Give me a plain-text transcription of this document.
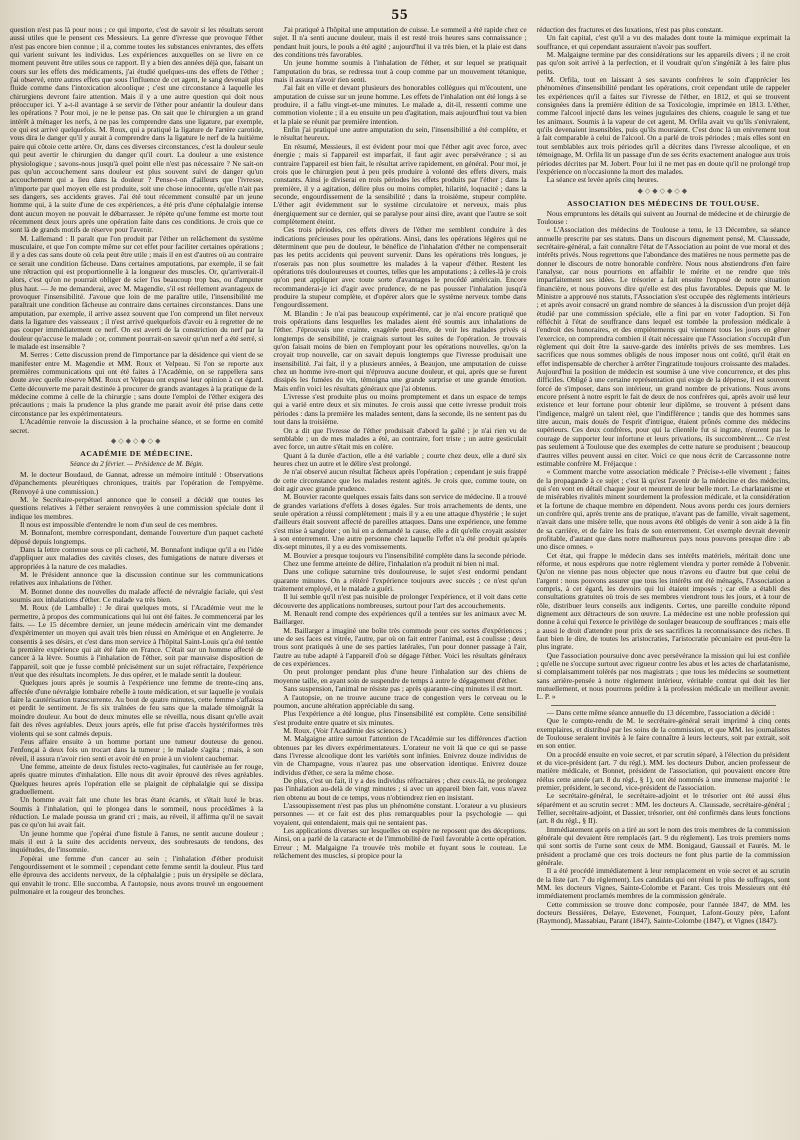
55

question n'est pas là pour nous ; ce qui importe, c'est de savoir si les résultats seront aussi utiles que le pensent ces Messieurs. La genre d'ivresse que provoque l'éther n'est pas encore bien connue ; il a, comme toutes les substances enivrantes, des effets qui varient suivant les individus. Les expériences auxquelles on se livre en ce moment peuvent être utiles sous ce rapport. Il y a bien des années déjà que, faisant un cours sur les effets des médicaments, j'ai étudié quelques-uns des effets de l'éther ; j'ai observé, entre autres effets que sous l'influence de cet agent, le sang devenait plus fluide comme dans l'intoxication alcoolique ; c'est une circonstance à laquelle les chirurgiens devront faire attention. Mais il y a une autre question qui doit nous préoccuper ici. Y a-t-il avantage à se servir de l'éther pour anéantir la douleur dans les opérations ? Pour moi, je ne le pense pas. On sait que le chirurgien a un grand intérêt à ménager les nerfs, à ne pas les comprendre dans une ligature, par exemple, ce qui est arrivé quelquefois. M. Roux, qui a pratiqué la ligature de l'artère carotide, vous dira le danger qu'il y aurait à comprendre dans la ligature le nerf de la huitième paire qui côtoie cette artère. Or, dans ces diverses circonstances, c'est la douleur seule qui peut avertir le chirurgien du danger qu'il court. La douleur a une existence physiologique ; savons-nous jusqu'à quel point elle n'est pas nécessaire ? Ne sait-on pas qu'un accouchement sans douleur est plus souvent suivi de danger qu'un accouchement qui a lieu dans la douleur ? Pense-t-on d'ailleurs que l'ivresse, n'importe par quel moyen elle est produite, soit une chose innocente, qu'elle n'ait pas ses dangers, ses accidents graves. J'ai été tout récemment consulté par un jeune homme qui, à la suite d'une de ces expériences, a été pris d'une céphalalgie intense dont aucun moyen ne pouvait le débarrasser. Je répète qu'une femme est morte tout récemment deux jours après une opération faite dans ces conditions. Je crois que ce sont là de grands motifs de réserve pour l'avenir.

M. Lallemand : Il paraît que l'on produit par l'éther un relâchement du système musculaire, et que l'on compte même sur cet effet pour faciliter certaines opérations ; il y a des cas sans doute où cela peut être utile ; mais il en est d'autres où au contraire ce serait une condition fâcheuse. Dans certaines amputations, par exemple, il se fait une rétraction qui est proportionnelle à la longueur des muscles. Or, qu'arriverait-il alors, c'est qu'on ne pourrait obliger de scier l'os beaucoup trop bas, ou d'amputer plus haut. — Je me demanderai, avec M. Magendie, s'il est réellement avantageux de provoquer l'insensibilité. J'avoue que loin de me paraître utile, l'insensibilité me paraîtrait une condition fâcheuse au contraire dans certaines circonstances. Dans une amputation, par exemple, il arrive assez souvent que l'on comprend un filet nerveux dans la ligature des vaisseaux ; il n'est arrivé quelquefois d'avoir eu à regretter de ne pas couper immédiatement ce nerf. On est averti de la constriction du nerf par la douleur qu'accuse le malade ; or, comment pourrait-on savoir qu'un nerf a été serré, si le malade est insensible ?

M. Serres : Cette discussion prend de l'importance par la désidence qui vient de se manifester entre M. Magendie et MM. Roux et Velpeau. Si l'on se reporte aux premières communications qui ont été faites à l'Académie, on se rappellera sans doute avec quelle réserve MM. Roux et Velpeau ont exposé leur opinion à cet égard. Cette découverte me parait destinée à procurer de grands avantages à la pratique de la médecine comme à celle de la chirurgie ; sans doute l'emploi de l'éther exigera des précautions ; mais la prudence la plus grande me parait avoir été prise dans cette circonstance par les expérimentateurs.

L'Académie renvoie la discussion à la prochaine séance, et se forme en comité secret.

◆◇◆◇◆◇◆
ACADÉMIE DE MÉDECINE.
Séance du 2 février. — Présidence de M. Bégin.

M. le docteur Boudaud, de Gannat, adresse un mémoire intitulé : Observations d'épanchements pleurétiques chroniques, traités par l'opération de l'empyème. (Renvoyé à une commission.)

M. le Secrétaire-perpétuel annonce que le conseil a décidé que toutes les questions relatives à l'éther seraient renvoyées à une commission spéciale dont il indique les membres.

Il nous est impossible d'entendre le nom d'un seul de ces membres.

M. Bonnafont, membre correspondant, demande l'ouverture d'un paquet cacheté déposé depuis longtemps.

Dans la lettre contenue sous ce pli cacheté, M. Bonnafont indique qu'il a eu l'idée d'appliquer aux maladies des cavités closes, des fumigations de nature diverses et appropriées à la nature de ces maladies.

M. le Président annonce que la discussion continue sur les communications relatives aux inhalations de l'éther.

M. Bonnet donne des nouvelles du malade affecté de névralgie faciale, qui s'est soumis aux inhalations d'éther. Ce malade va très bien.

M. Roux (de Lamballe) : Je dirai quelques mots, si l'Académie veut me le permettre, à propos des communications qui lui ont été faites. Je commencerai par les faits. — Le 15 décembre dernier, un jeune médecin américain vint me demander d'expérimenter un moyen qui avait très bien réussi en Amérique et en Angleterre. Je consentis à ses désirs, et c'est dans mon service à l'hôpital Saint-Louis qu'a été tentée la première expérience qui ait été faite en France. C'était sur un homme affecté de cancer à la lèvre. Soumis à l'inhalation de l'éther, soit par mauvaise disposition de l'appareil, soit que je fusse comblé précisément sur un sujet réfractaire, l'expérience n'eut que des résultats incomplets. Je dus opérer, et le malade sentit la douleur.

Quelques jours après je soumis à l'expérience une femme de trente-cinq ans, affectée d'une névralgie lombaire rebelle à toute médication, et sur laquelle je voulais faire la cautérisation transcurrente. Au bout de quatre minutes, cette femme s'affaissa et perdit le sentiment. Je fis six traînées de feu sans que la malade témoignât la moindre douleur. Au bout de deux minutes elle se réveilla, nous disant qu'elle avait fait des rêves agréables. Deux jours après, elle fut prise d'accès hystériformes très violents qui se sont calmés depuis.

J'eus affaire ensuite à un homme portant une tumeur douteuse du genou. J'enfonçai à deux fois un trocart dans la tumeur ; le malade s'agita ; mais, à son réveil, il assura n'avoir rien senti et avoir été en proie à un violent cauchemar.

Une femme, atteinte de deux fistules recto-vaginales, fut cautérisée au fer rouge, après quatre minutes d'inhalation. Elle nous dit avoir éprouvé des rêves agréables. Quelques heures après l'opération elle se plaignit de céphalalgie qui se dissipa graduellement.

Un homme avait fait une chute les bras étant écartés, et s'était luxé le bras. Soumis à l'inhalation, qui le plongea dans le sommeil, nous procédâmes à la réduction. Le malade poussa un grand cri ; mais, au réveil, il affirma qu'il ne savait pas ce qu'on lui avait fait.

Un jeune homme que j'opérai d'une fistule à l'anus, ne sentit aucune douleur ; mais il eut à la suite des accidents nerveux, des soubresauts de tendons, des inquiétudes, de l'insomnie.

J'opérai une femme d'un cancer au sein ; l'inhalation d'éther produisit l'engourdissement et le sommeil ; cependant cette femme sentit la douleur. Plus tard elle éprouva des accidents nerveux, de la céphalalgie ; puis un érysipèle se déclara, qui envahit le tronc. Elle succomba. A l'autopsie, nous avons trouvé un engouement pulmonaire et la rougeur des bronches.

J'ai pratiqué à l'hôpital une amputation de cuisse. Le sommeil a été rapide chez ce sujet. Il n'a senti aucune douleur, mais il est resté trois heures sans connaissance ; pendant huit jours, le pouls a été agité ; aujourd'hui il va très bien, et la plaie est dans des conditions très favorables.

Un jeune homme soumis à l'inhalation de l'éther, et sur lequel se pratiquait l'amputation du bras, se redressa tout à coup comme par un mouvement tétanique, mais il assura n'avoir rien senti.

J'ai fait en ville et devant plusieurs des honorables collègues qui m'écoutent, une amputation de cuisse sur un jeune homme. Les effets de l'inhalation ont été longs à se produire, il a fallu vingt-et-une minutes. Le malade a, dit-il, ressenti comme une commotion violente ; il a eu ensuite un peu d'agitation, mais aujourd'hui tout va bien et la plaie se réunit par première intention.

Enfin j'ai pratiqué une autre amputation du sein, l'insensibilité a été complète, et le résultat heureux.

En résumé, Messieurs, il est évident pour moi que l'éther agit avec force, avec énergie ; mais si l'appareil est imparfait, il faut agir avec persévérance ; si au contraire l'appareil est bien fait, le résultat arrive rapidement, en général. Pour moi, je crois que le chirurgien peut à peu près produire à volonté des effets divers, mais constants. Ainsi je diviserai en trois périodes les effets produits par l'éther ; dans la première, il y a agitation, délire plus ou moins complet, hilarité, loquacité ; dans la seconde, engourdissement de la sensibilité ; dans la troisième, stupeur complète. L'éther agit évidemment sur le système circulatoire et nerveux, mais plus énergiquement sur ce dernier, qui se paralyse pour ainsi dire, avant que l'autre se soit complètement éteint.

Ces trois périodes, ces effets divers de l'éther me semblent conduire à des indications précieuses pour les opérations. Ainsi, dans les opérations légères qui ne déterminent que peu de douleur, le bénéfice de l'inhalation d'éther ne compenserait pas les petits accidents qui peuvent survenir. Dans les opérations très longues, je n'oserais pas non plus soumettre les malades à la vapeur d'éther. Restent les opérations très douloureuses et courtes, telles que les amputations ; à celles-là je crois qu'on peut appliquer avec toute sorte d'avantages le procédé américain. Encore recommanderai-je ici d'agir avec prudence, de ne pas pousser l'inhalation jusqu'à produire la stupeur complète, et d'opérer alors que le système nerveux tombe dans l'engourdissement.

M. Blandin : Je n'ai pas beaucoup expérimenté, car je n'ai encore pratiqué que trois opérations dans lesquelles les malades aient été soumis aux inhalations de l'éther. J'éprouvais une crainte, exagérée peut-être, de voir les malades privés si longtemps de sensibilité, je craignais surtout les suites de l'opération. Je trouvais qu'on faisait moins de bien en l'employant pour les opérations nouvelles, qu'on la croyait trop nouvelle, car on savait depuis longtemps que l'ivresse produisait une insensibilité. J'ai fait, il y a plusieurs années, à Beaujon, une amputation de cuisse chez un homme ivre-mort qui n'éprouva aucune douleur, et qui, après que se furent dissipés les fumées du vin, témoigna une grande surprise et une grande émotion. Mais enfin voici les résultats généraux que j'ai obtenus.

L'ivresse s'est produite plus ou moins promptement et dans un espace de temps qui a varié entre deux et six minutes. Je crois aussi que cette ivresse produit trois périodes : dans la première les malades sentent, dans la seconde, ils ne sentent pas du tout dans la troisième.

On a dit que l'ivresse de l'éther produisait d'abord la gaîté ; je n'ai rien vu de semblable ; un de mes malades a été, au contraire, fort triste ; un autre gesticulait avec force, un autre s'était mis en colère.

Quant à la durée d'action, elle a été variable ; courte chez deux, elle a duré six heures chez un autre et le délire s'est prolongé.

Je n'ai observé aucun résultat fâcheux après l'opération ; cependant je suis frappé de cette circonstance que les malades restent agités. Je crois que, comme toute, on doit agir avec grande prudence.

M. Bouvier raconte quelques essais faits dans son service de médecine. Il a trouvé de grandes variations d'effets à doses égales. Sur trois arrachements de dents, une seule opération a réussi complètement ; mais il y a eu une attaque d'hystérie ; le sujet d'ailleurs était souvent affecté de pareilles attaques. Dans une expérience, une femme s'est mise à sangloter ; on lui en a demandé la cause, elle a dit qu'elle croyait assister à son enterrement. Une autre personne chez laquelle l'effet n'a été produit qu'après dix-sept minutes, il y a eu des vomissements.

M. Bouvier a presque toujours vu l'insensibilité complète dans la seconde période.

Chez une femme atteinte de délire, l'inhalation n'a produit ni bien ni mal.

Dans une colique saturnine très douloureuse, le sujet s'est endormi pendant quarante minutes. On a réitéré l'expérience toujours avec succès ; ce n'est qu'un traitement employé, et le malade a guéri.

Il lui semble qu'il n'est pas nuisible de prolonger l'expérience, et il voit dans cette découverte des applications nombreuses, surtout pour l'art des accouchements.

M. Renault rend compte des expériences qu'il a tentées sur les animaux avec M. Baillarger.

M. Baillarger a imaginé une boîte très commode pour ces sortes d'expériences ; une de ses faces est vitrée, l'autre, par où on fait entrer l'animal, est à coulisse ; deux trous sont pratiqués à une de ses parties latérales, l'un pour donner passage à l'air, l'autre au tube adapté à l'appareil d'où se dégage l'éther. Voici les résultats généraux de ces expériences.

On peut prolonger pendant plus d'une heure l'inhalation sur des chiens de moyenne taille, en ayant soin de suspendre de temps à autre le dégagement d'éther.

Sans suspension, l'animal ne résiste pas ; après quarante-cinq minutes il est mort.

A l'autopsie, on ne trouve aucune trace de congestion vers le cerveau ou le poumon, aucune altération appréciable du sang.

Plus l'expérience a été longue, plus l'insensibilité est complète. Cette sensibilité s'est produite entre quatre et six minutes.

M. Roux. (Voir l'Académie des sciences.)

M. Malgaigne attire surtout l'attention de l'Académie sur les différences d'action obtenues par les divers expérimentateurs. L'orateur ne voit là que ce qui se passe dans l'ivresse alcoolique dont les variétés sont infinies. Enivrez douze individus de vin de Champagne, vous n'aurez pas une observation identique. Enivrez douze individus d'éther, ce sera la même chose.

De plus, c'est un fait, il y a des individus réfractaires ; chez ceux-là, ne prolongez pas l'inhalation au-delà de vingt minutes ; si avec un appareil bien fait, vous n'avez rien obtenu au bout de ce temps, vous n'obtiendrez rien en insistant.

L'assoupissement n'est pas plus un phénomène constant. L'orateur a vu plusieurs personnes — et ce fait est des plus remarquables pour la psychologie — qui voyaient, qui entendaient, mais qui ne sentaient pas.

Les applications diverses sur lesquelles on espère ne reposent que des déceptions. Ainsi, on a parlé de la cataracte et de l'immobilité de l'œil favorable à cette opération. Erreur ; M. Malgaigne l'a trouvée très mobile et fuyant sous le couteau. Le relâchement des muscles, si propice pour la

réduction des fractures et des luxations, n'est pas plus constant.

Un fait capital, c'est qu'il a vu des malades dont toute la mimique exprimait la souffrance, et qui cependant assuraient n'avoir pas souffert.

M. Malgaigne termine par des considérations sur les appareils divers ; il ne croit pas qu'on soit arrivé à la perfection, et il voudrait qu'on s'ingéniât à les faire plus petits.

M. Orfila, tout en laissant à ses savants confrères le soin d'apprécier les phénomènes d'insensibilité pendant les opérations, croit cependant utile de rappeler les expériences qu'il a faites sur l'ivresse de l'éther, en 1812, et qui se trouvent consignées dans la première édition de sa Toxicologie, imprimée en 1813. L'éther, comme l'alcool injecté dans les veines jugulaires des chiens, coagule le sang et tue les animaux. Soumis à la vapeur de cet agent, M. Orfila avait vu qu'ils s'enivraient, qu'ils devenaient insensibles, puis qu'ils mouraient. C'est donc là un enivrement tout à fait comparable à celui de l'alcool. On a parlé de trois périodes ; mais elles sont en tout semblables aux trois périodes qu'il a décrites dans l'ivresse alcoolique, et en témoignage, M. Orfila lit un passage d'un de ses écrits exactement analogue aux trois périodes décrites par M. Jobert. Pour lui il ne met pas en doute qu'il ne prolongé trop l'expérience on n'occasionne la mort des malades.

La séance est levée après cinq heures.

◆◇◆◇◆◇◆
ASSOCIATION DES MÉDECINS DE TOULOUSE.

Nous empruntons les détails qui suivent au Journal de médecine et de chirurgie de Toulouse :

« L'Association des médecins de Toulouse a tenu, le 13 Décembre, sa séance annuelle prescrite par ses statuts. Dans un discours dignement pensé, M. Claussade, secrétaire-général, a fait connaître l'état de l'Association au point de vue moral et des intérêts privés. Nous regrettons que l'abondance des matières ne nous permette pas de donner le discours de notre honorable confrère. Nous nous abstiendrons d'en faire l'analyse, car nous pourrions en affaiblir le mérite et ne rendre que très imparfaitement ses idées. Le trésorier a fait ensuite l'exposé de notre situation financière, et nous pouvons dire qu'elle est des plus favorables. Depuis que M. le Ministre a approuvé nos statuts, l'Association s'est occupée des règlements intérieurs ; et après avoir consacré un grand nombre de séances à la discussion d'un projet déjà étudié par une commission spéciale, elle a fini par en voter l'adoption. Si l'on réfléchit à l'état de souffrance dans lequel est tombée la profession médicale à l'endroit des honoraires, et des empiètements qui viennent tous les jours en gêner l'exercice, on comprendra combien il était nécessaire que l'Association s'occupât d'un règlement qui doit être la sauve-garde des intérêts privés de ses membres. Les sacrifices que nous sommes obligés de nous imposer nous ont coûté, qu'il était en effet indispensable de chercher à arrêter l'ingratitude toujours croissante des malades. Aujourd'hui la position de médecin est soumise à une vive concurrence, et des plus difficiles. Obligé à une certaine représentation qui exige de la dépense, il est souvent forcé de s'imposer, dans son intérieur, un grand nombre de privations. Nous avons encore présent à notre esprit le fait de deux de nos confrères qui, après avoir usé leur existence et leur fortune pour obtenir leur diplôme, se trouvent à présent dans l'indigence, malgré un talent réel, que l'indifférence ; tandis que des hommes sans titre aucun, mais doués de l'esprit d'intrigue, étaient prônés comme des médecins supérieurs. Ces deux confrères, pour qui la clientèle fut si ingrate, n'eurent pas le courage de supporter leur infortune et leurs privations, ils succombèrent.... Ce n'est pas seulement à Toulouse que des exemples de cette nature se produisent ; beaucoup d'autres villes peuvent aussi en citer. Voici ce que nous écrit de Carcassonne notre estimable confrère M. Fréjacque :

« Comment marche votre association médicale ? Précise-t-elle vivement ; faites de la propagande à ce sujet ; c'est là qu'est l'avenir de la médecine et des médecins, qui s'en vont en détail chaque jour et meurent de leur belle mort. Le charlatanisme et de misérables rivalités minent sourdement la profession médicale, et la considération et la fortune de chaque membre en dépendent. Nous avons perdu ces jours derniers un confrère qui, après trente ans de pratique, n'avant pas de famille, vivait sagement, n'avait dans une misère telle, que nous avons été obligés de venir à son aide à la fin de sa carrière, et de faire les frais de son enterrement. Cet exemple devrait devenir profitable, d'autant que dans notre malheureux pays nous pouvons presque dire : ab uno disce omnes. »

Cet état, qui frappe le médecin dans ses intérêts matériels, méritait donc une réforme, et nous espérons que notre règlement viendra y porter remède à l'obvenir. Qu'on ne vienne pas nous objecter que nous n'avons eu d'autre but que celui de l'argent : nous pouvons assurer que tous les intérêts ont été ménagés, l'Association a compris, à cet égard, les devoirs qui lui étaient imposés ; car elle a établi des consultations gratuites où trois de ses membres viendront tous les jours, et à tour de rôle, distribuer leurs conseils aux indigents. Certes, une pareille conduite répond dignement aux détracteurs de son œuvre. La médecine est une noble profession qui donne à celui qui l'exerce le privilège de soulager beaucoup de souffrances ; mais elle a aussi le droit d'attendre pour prix de ses sacrifices la reconnaissance des riches. Il faut bien le dire, de toutes les aristocraties, l'aristocratie pécuniaire est peut-être la plus ingrate.

Que l'association poursuive donc avec persévérance la mission qui lui est confiée ; qu'elle ne s'occupe surtout avec rigueur contre les abus et les actes de charlatanisme, si complaisamment tolérés par nos magistrats ; que tous les médecins se soumettent sans arrière-pensée à notre règlement intérieur, véritable contrat qui doit les lier mutuellement, et nous pourrons prédire à la profession médicale un meilleur avenir. L. P. »

— Dans cette même séance annuelle du 13 décembre, l'association a décidé :

Que le compte-rendu de M. le secrétaire-général serait imprimé à cinq cents exemplaires, et distribué par les soins de la commission, et que MM. les journalistes de Toulouse seraient invités à le faire connaître à leurs lecteurs, soit par extrait, soit en son entier.

On a procédé ensuite en voie secret, et par scrutin séparé, à l'élection du président et du vice-président (art. 7 du régl.). MM. les docteurs Dubor, ancien professeur de matière médicale, et Bonnet, président de l'association, qui pouvaient encore être réélus cette année (art. 8 du régl., § 1), ont été nommés à une immense majorité : le premier, président, le second, vice-président de l'association.

Le secrétaire-général, le secrétaire-adjoint et le trésorier ont été aussi élus séparément et au scrutin secret : MM. les docteurs A. Claussade, secrétaire-général ; Tellier, secrétaire-adjoint, et Dassier, trésorier, ont été confirmés dans leurs fonctions (art. 8 du régl., § II).

Immédiatement après on a tiré au sort le nom des trois membres de la commission générale qui devaient être remplacés (art. 9 du règlement). Les trois premiers noms qui sont sortis de l'urne sont ceux de MM. Bonigaud, Gaussail et Faurès. M. le président a proclamé que ces trois docteurs ne font plus partie de la commission générale.

Il a été procédé immédiatement à leur remplacement en voie secret et au scrutin de la liste (art. 7 du règlement). Les candidats qui ont réuni le plus de suffrages, sont MM. les docteurs Vignes, Sainte-Colombe et Parant. Ces trois Messieurs ont été immédiatement proclamés membres de la commission générale.

Cette commission se trouve donc composée, pour l'année 1847, de MM. les docteurs Bessières, Delaye, Estevenet, Fourquet, Lafont-Gouzy père, Lafont (Raymond), Massabiau, Parant (1847), Sainte-Colombe (1847), et Vignes (1847).
